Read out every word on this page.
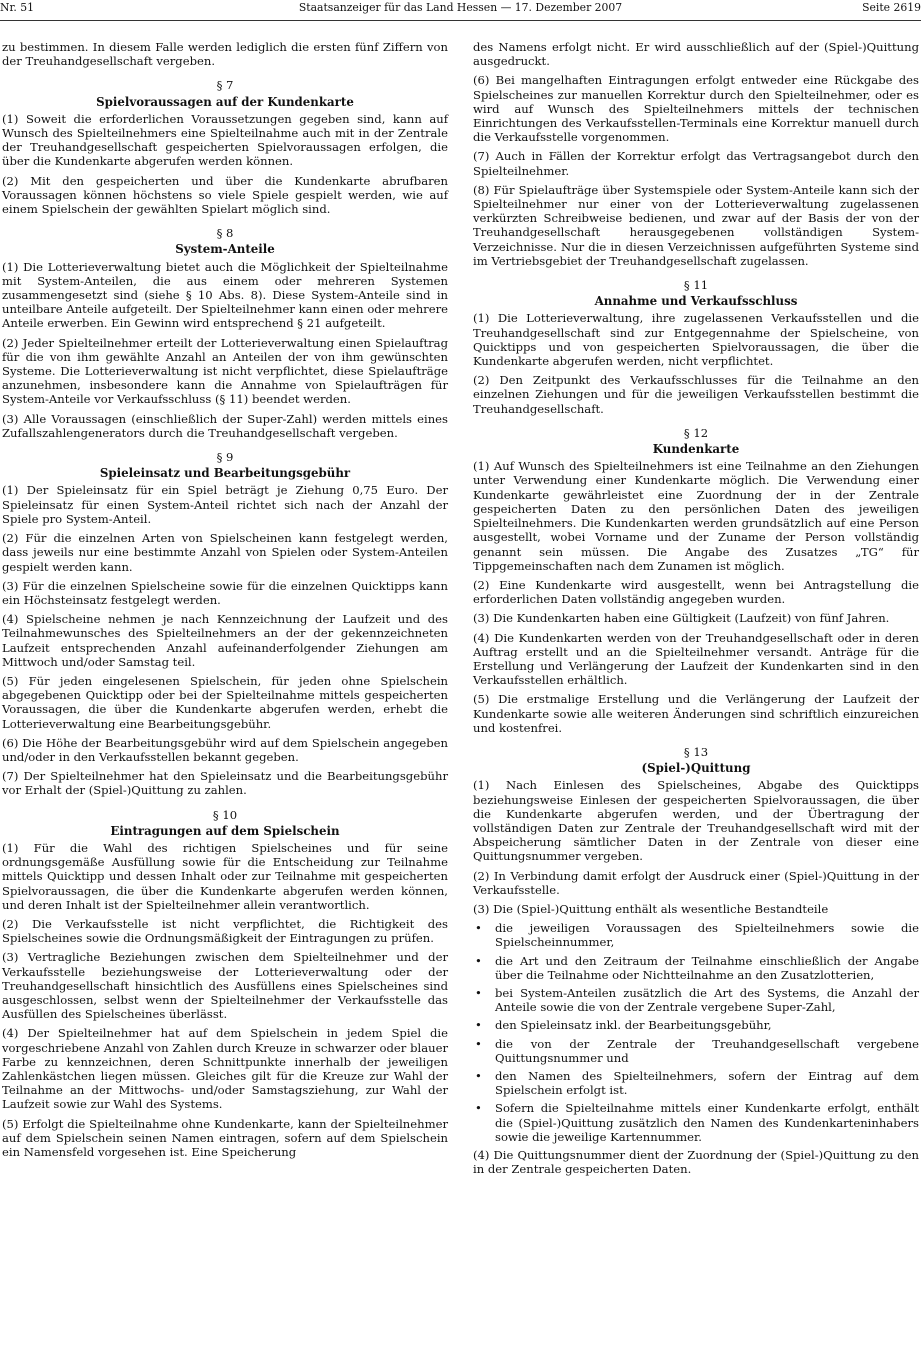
Nr. 51	Staatsanzeiger für das Land Hessen — 17. Dezember 2007	Seite 2619

zu bestimmen. In diesem Falle werden lediglich die ersten fünf Ziffern von der Treuhandgesellschaft vergeben.

§ 7
Spielvoraussagen auf der Kundenkarte

(1) Soweit die erforderlichen Voraussetzungen gegeben sind, kann auf Wunsch des Spielteilnehmers eine Spielteilnahme auch mit in der Zentrale der Treuhandgesellschaft gespeicherten Spielvoraussagen erfolgen, die über die Kundenkarte abgerufen werden können.

(2) Mit den gespeicherten und über die Kundenkarte abrufbaren Voraussagen können höchstens so viele Spiele gespielt werden, wie auf einem Spielschein der gewählten Spielart möglich sind.

§ 8
System-Anteile

(1) Die Lotterieverwaltung bietet auch die Möglichkeit der Spielteilnahme mit System-Anteilen, die aus einem oder mehreren Systemen zusammengesetzt sind (siehe § 10 Abs. 8). Diese System-Anteile sind in unteilbare Anteile aufgeteilt. Der Spielteilnehmer kann einen oder mehrere Anteile erwerben. Ein Gewinn wird entsprechend § 21 aufgeteilt.

(2) Jeder Spielteilnehmer erteilt der Lotterieverwaltung einen Spielauftrag für die von ihm gewählte Anzahl an Anteilen der von ihm gewünschten Systeme. Die Lotterieverwaltung ist nicht verpflichtet, diese Spielaufträge anzunehmen, insbesondere kann die Annahme von Spielaufträgen für System-Anteile vor Verkaufsschluss (§ 11) beendet werden.

(3) Alle Voraussagen (einschließlich der Super-Zahl) werden mittels eines Zufallszahlengenerators durch die Treuhandgesellschaft vergeben.

§ 9
Spieleinsatz und Bearbeitungsgebühr

(1) Der Spieleinsatz für ein Spiel beträgt je Ziehung 0,75 Euro. Der Spieleinsatz für einen System-Anteil richtet sich nach der Anzahl der Spiele pro System-Anteil.

(2) Für die einzelnen Arten von Spielscheinen kann festgelegt werden, dass jeweils nur eine bestimmte Anzahl von Spielen oder System-Anteilen gespielt werden kann.

(3) Für die einzelnen Spielscheine sowie für die einzelnen Quicktipps kann ein Höchsteinsatz festgelegt werden.

(4) Spielscheine nehmen je nach Kennzeichnung der Laufzeit und des Teilnahmewunsches des Spielteilnehmers an der der gekennzeichneten Laufzeit entsprechenden Anzahl aufeinanderfolgender Ziehungen am Mittwoch und/oder Samstag teil.

(5) Für jeden eingelesenen Spielschein, für jeden ohne Spielschein abgegebenen Quicktipp oder bei der Spielteilnahme mittels gespeicherten Voraussagen, die über die Kundenkarte abgerufen werden, erhebt die Lotterieverwaltung eine Bearbeitungsgebühr.

(6) Die Höhe der Bearbeitungsgebühr wird auf dem Spielschein angegeben und/oder in den Verkaufsstellen bekannt gegeben.

(7) Der Spielteilnehmer hat den Spieleinsatz und die Bearbeitungsgebühr vor Erhalt der (Spiel-)Quittung zu zahlen.

§ 10
Eintragungen auf dem Spielschein

(1) Für die Wahl des richtigen Spielscheines und für seine ordnungsgemäße Ausfüllung sowie für die Entscheidung zur Teilnahme mittels Quicktipp und dessen Inhalt oder zur Teilnahme mit gespeicherten Spielvoraussagen, die über die Kundenkarte abgerufen werden können, und deren Inhalt ist der Spielteilnehmer allein verantwortlich.

(2) Die Verkaufsstelle ist nicht verpflichtet, die Richtigkeit des Spielscheines sowie die Ordnungsmäßigkeit der Eintragungen zu prüfen.

(3) Vertragliche Beziehungen zwischen dem Spielteilnehmer und der Verkaufsstelle beziehungsweise der Lotterieverwaltung oder der Treuhandgesellschaft hinsichtlich des Ausfüllens eines Spielscheines sind ausgeschlossen, selbst wenn der Spielteilnehmer der Verkaufsstelle das Ausfüllen des Spielscheines überlässt.

(4) Der Spielteilnehmer hat auf dem Spielschein in jedem Spiel die vorgeschriebene Anzahl von Zahlen durch Kreuze in schwarzer oder blauer Farbe zu kennzeichnen, deren Schnittpunkte innerhalb der jeweiligen Zahlenkästchen liegen müssen. Gleiches gilt für die Kreuze zur Wahl der Teilnahme an der Mittwochs- und/oder Samstagsziehung, zur Wahl der Laufzeit sowie zur Wahl des Systems.

(5) Erfolgt die Spielteilnahme ohne Kundenkarte, kann der Spielteilnehmer auf dem Spielschein seinen Namen eintragen, sofern auf dem Spielschein ein Namensfeld vorgesehen ist. Eine Speicherung

des Namens erfolgt nicht. Er wird ausschließlich auf der (Spiel-)Quittung ausgedruckt.

(6) Bei mangelhaften Eintragungen erfolgt entweder eine Rückgabe des Spielscheines zur manuellen Korrektur durch den Spielteilnehmer, oder es wird auf Wunsch des Spielteilnehmers mittels der technischen Einrichtungen des Verkaufsstellen-Terminals eine Korrektur manuell durch die Verkaufsstelle vorgenommen.

(7) Auch in Fällen der Korrektur erfolgt das Vertragsangebot durch den Spielteilnehmer.

(8) Für Spielaufträge über Systemspiele oder System-Anteile kann sich der Spielteilnehmer nur einer von der Lotterieverwaltung zugelassenen verkürzten Schreibweise bedienen, und zwar auf der Basis der von der Treuhandgesellschaft herausgegebenen vollständigen System-Verzeichnisse. Nur die in diesen Verzeichnissen aufgeführten Systeme sind im Vertriebsgebiet der Treuhandgesellschaft zugelassen.

§ 11
Annahme und Verkaufsschluss

(1) Die Lotterieverwaltung, ihre zugelassenen Verkaufsstellen und die Treuhandgesellschaft sind zur Entgegennahme der Spielscheine, von Quicktipps und von gespeicherten Spielvoraussagen, die über die Kundenkarte abgerufen werden, nicht verpflichtet.

(2) Den Zeitpunkt des Verkaufsschlusses für die Teilnahme an den einzelnen Ziehungen und für die jeweiligen Verkaufsstellen bestimmt die Treuhandgesellschaft.

§ 12
Kundenkarte

(1) Auf Wunsch des Spielteilnehmers ist eine Teilnahme an den Ziehungen unter Verwendung einer Kundenkarte möglich. Die Verwendung einer Kundenkarte gewährleistet eine Zuordnung der in der Zentrale gespeicherten Daten zu den persönlichen Daten des jeweiligen Spielteilnehmers. Die Kundenkarten werden grundsätzlich auf eine Person ausgestellt, wobei Vorname und der Zuname der Person vollständig genannt sein müssen. Die Angabe des Zusatzes „TG“ für Tippgemeinschaften nach dem Zunamen ist möglich.

(2) Eine Kundenkarte wird ausgestellt, wenn bei Antragstellung die erforderlichen Daten vollständig angegeben wurden.

(3) Die Kundenkarten haben eine Gültigkeit (Laufzeit) von fünf Jahren.

(4) Die Kundenkarten werden von der Treuhandgesellschaft oder in deren Auftrag erstellt und an die Spielteilnehmer versandt. Anträge für die Erstellung und Verlängerung der Laufzeit der Kundenkarten sind in den Verkaufsstellen erhältlich.

(5) Die erstmalige Erstellung und die Verlängerung der Laufzeit der Kundenkarte sowie alle weiteren Änderungen sind schriftlich einzureichen und kostenfrei.

§ 13
(Spiel-)Quittung

(1) Nach Einlesen des Spielscheines, Abgabe des Quicktipps beziehungsweise Einlesen der gespeicherten Spielvoraussagen, die über die Kundenkarte abgerufen werden, und der Übertragung der vollständigen Daten zur Zentrale der Treuhandgesellschaft wird mit der Abspeicherung sämtlicher Daten in der Zentrale von dieser eine Quittungsnummer vergeben.

(2) In Verbindung damit erfolgt der Ausdruck einer (Spiel-)Quittung in der Verkaufsstelle.

(3) Die (Spiel-)Quittung enthält als wesentliche Bestandteile

• die jeweiligen Voraussagen des Spielteilnehmers sowie die Spielscheinnummer,
• die Art und den Zeitraum der Teilnahme einschließlich der Angabe über die Teilnahme oder Nichtteilnahme an den Zusatzlotterien,
• bei System-Anteilen zusätzlich die Art des Systems, die Anzahl der Anteile sowie die von der Zentrale vergebene Super-Zahl,
• den Spieleinsatz inkl. der Bearbeitungsgebühr,
• die von der Zentrale der Treuhandgesellschaft vergebene Quittungsnummer und
• den Namen des Spielteilnehmers, sofern der Eintrag auf dem Spielschein erfolgt ist.
• Sofern die Spielteilnahme mittels einer Kundenkarte erfolgt, enthält die (Spiel-)Quittung zusätzlich den Namen des Kundenkarteninhabers sowie die jeweilige Kartennummer.

(4) Die Quittungsnummer dient der Zuordnung der (Spiel-)Quittung zu den in der Zentrale gespeicherten Daten.
